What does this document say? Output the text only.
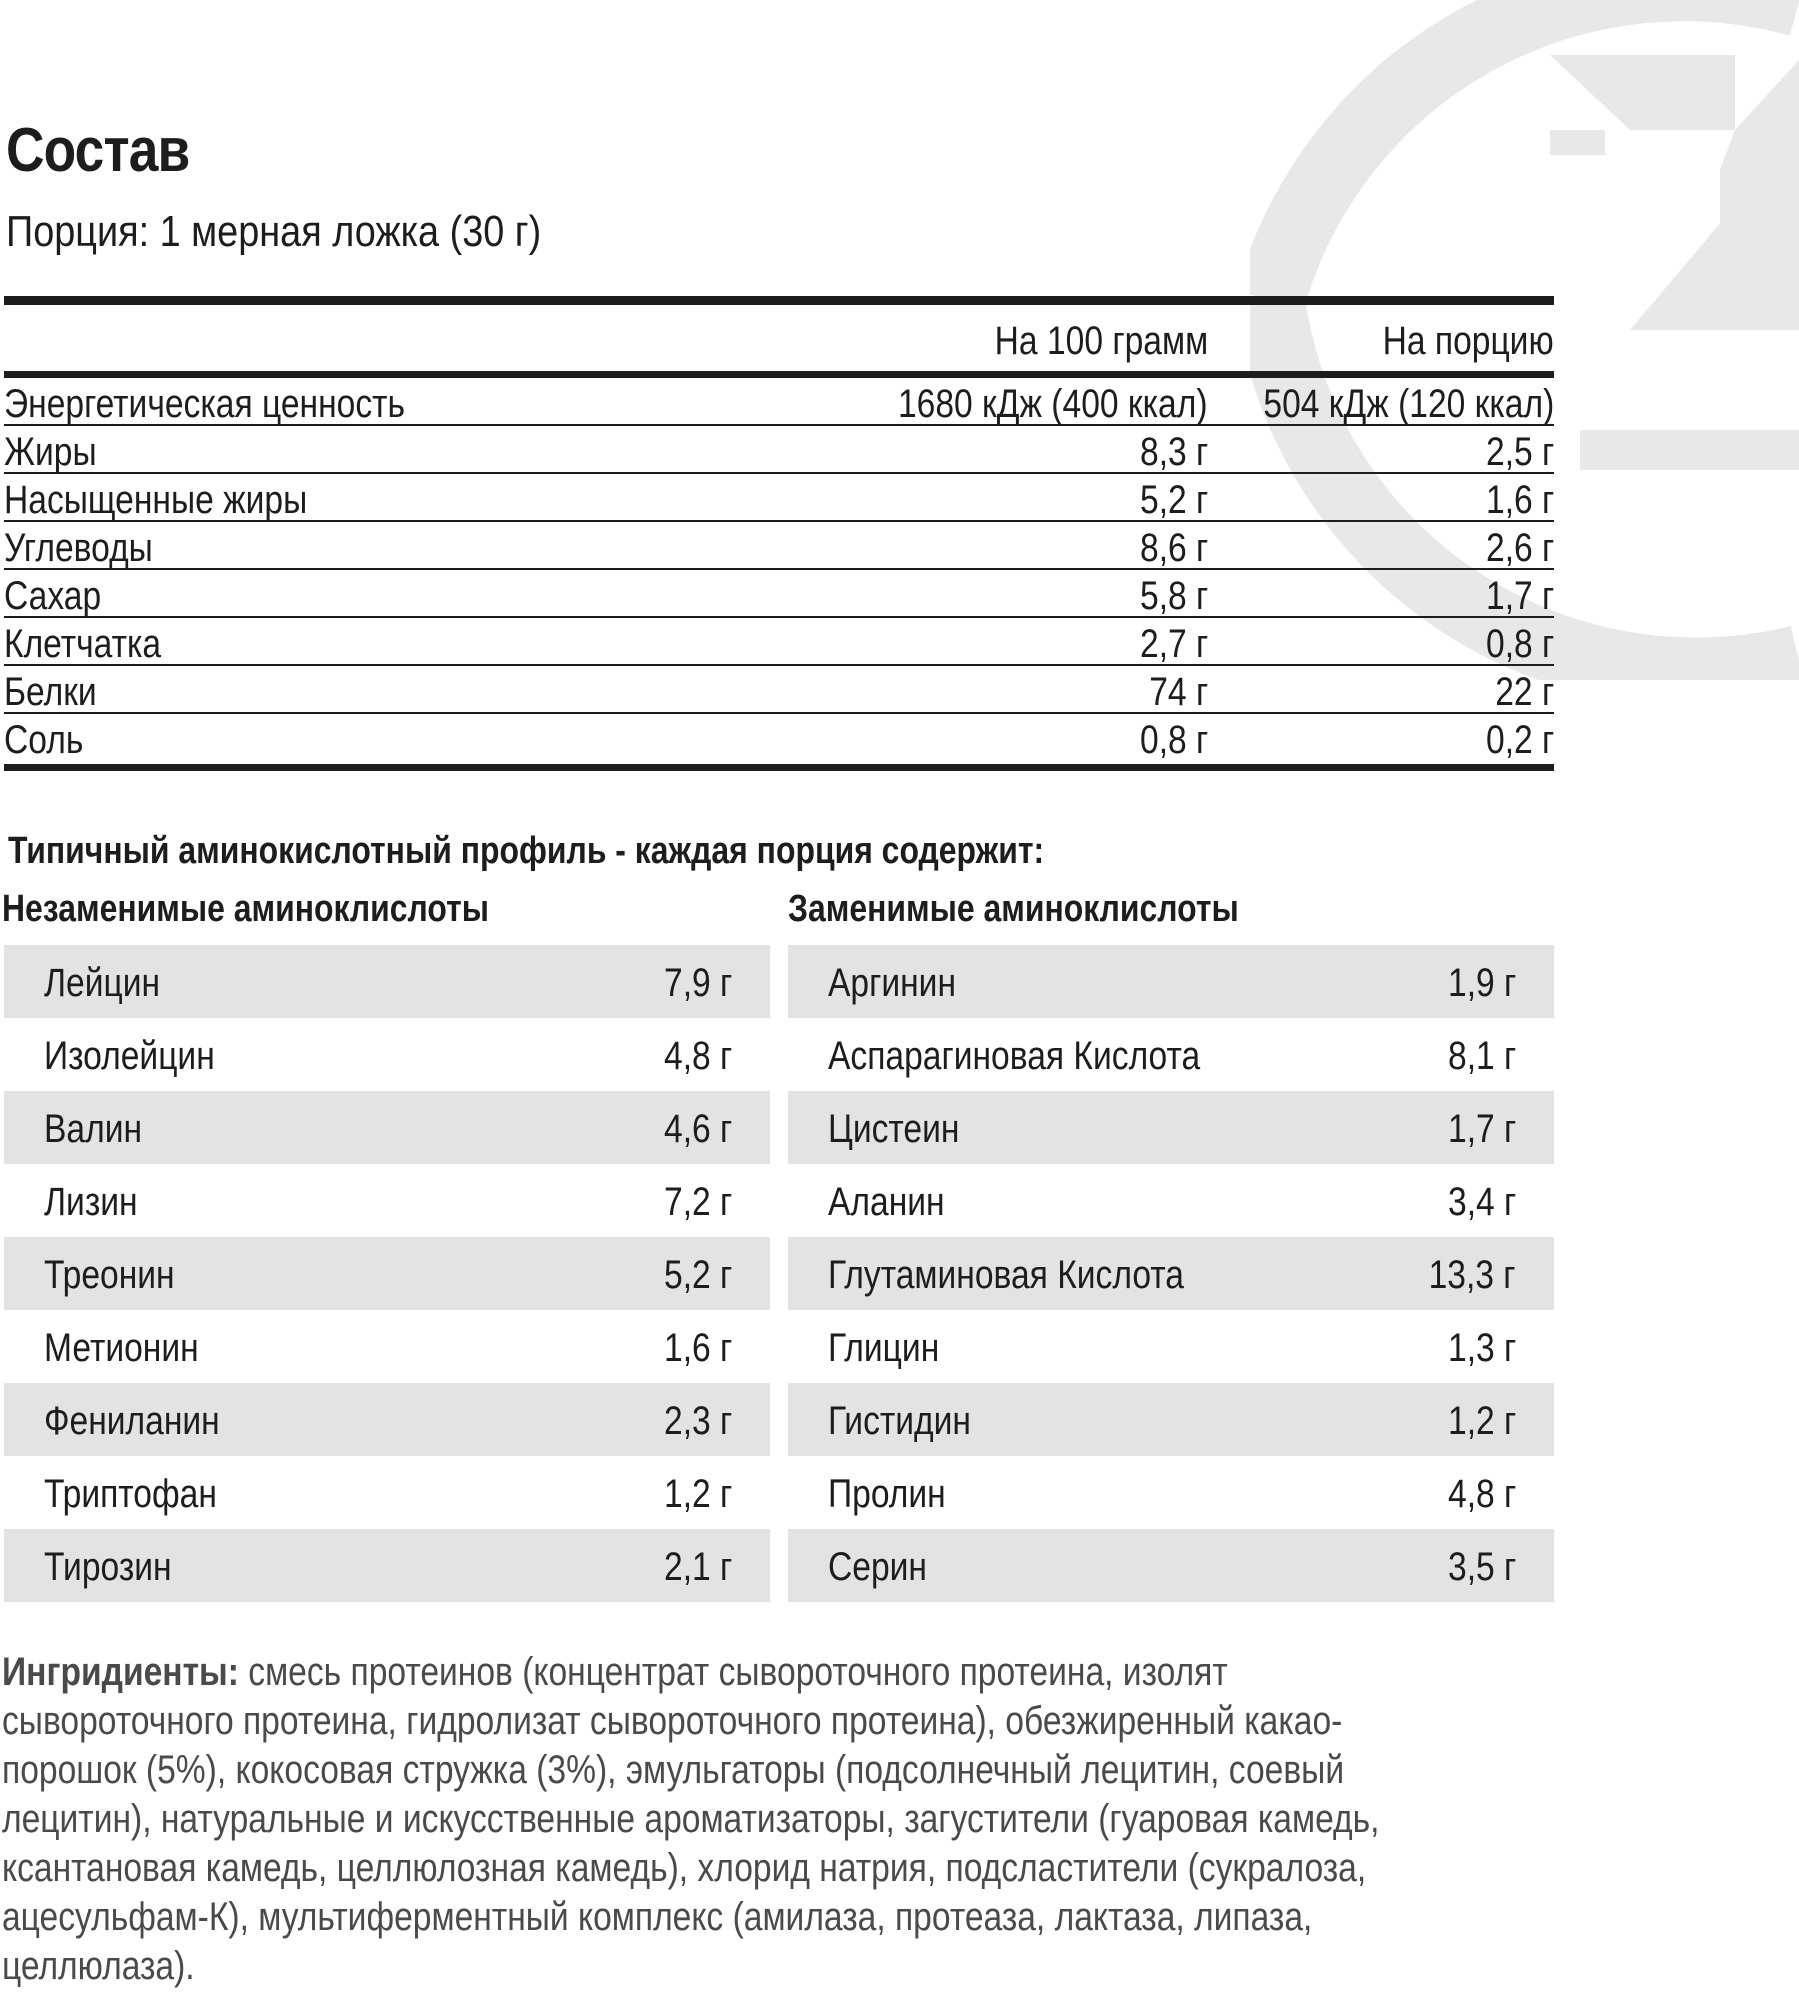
Состав
Порция: 1 мерная ложка (30 г)
На 100 грамм	На порцию
Энергетическая ценность	1680 кДж (400 ккал) 504 кДж (120 ккал)
Жиры	8,3 г	2,5 г
Насыщенные жиры	5,2 г	1,6 г
Углеводы	8,6 г	2,6 г
Сахар	5,8 г	1,7 г
Клетчатка	2,7 г	0,8 г
Белки	74 г	22 г
Соль	0,8 г	0,2 г
Типичный аминокислотный профиль - каждая порция содержит:
Незаменимые аминоклислоты	Заменимые аминоклислоты
Лейцин	7,9 г
Изолейцин	4,8 г
Валин	4,6 г
Лизин	7,2 г
Треонин	5,2 г
Метионин	1,6 г
Фениланин	2,3 г
Триптофан	1,2 г
Тирозин	2,1 г
Аргинин	1,9 г
Аспарагиновая Кислота	8,1 г
Цистеин	1,7 г
Аланин	3,4 г
Глутаминовая Кислота	13,3 г
Глицин	1,3 г
Гистидин	1,2 г
Пролин	4,8 г
Серин	3,5 г
Ингридиенты: смесь протеинов (концентрат сывороточного протеина, изолят
сывороточного протеина, гидролизат сывороточного протеина), обезжиренный какао-
порошок (5%), кокосовая стружка (3%), эмульгаторы (подсолнечный лецитин, соевый
лецитин), натуральные и искусственные ароматизаторы, загустители (гуаровая камедь,
ксантановая камедь, целлюлозная камедь), хлорид натрия, подсластители (сукралоза,
ацесульфам-К), мультиферментный комплекс (амилаза, протеаза, лактаза, липаза,
целлюлаза).
